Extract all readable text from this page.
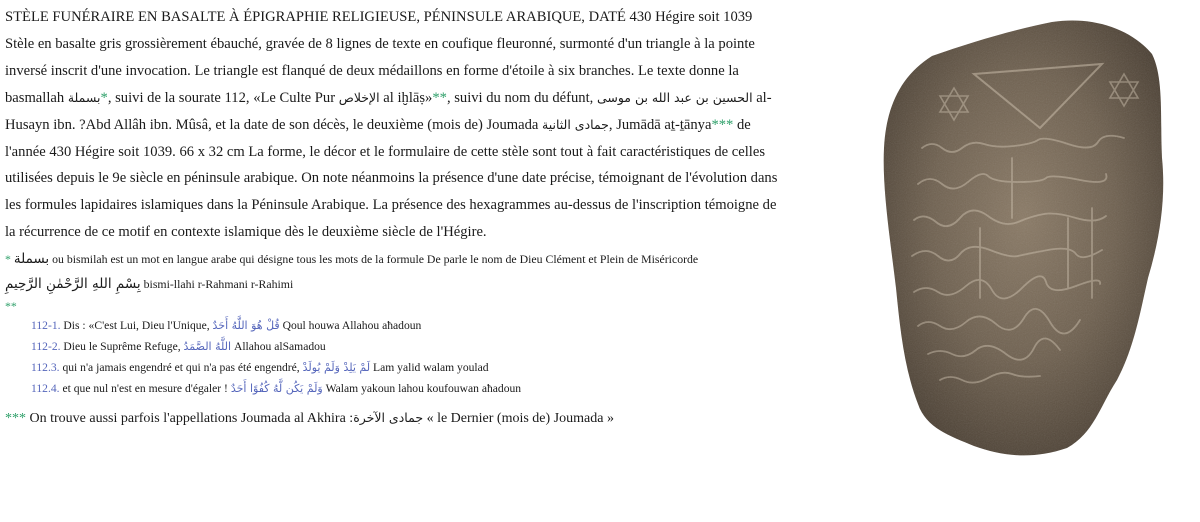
STÈLE FUNÉRAIRE EN BASALTE À ÉPIGRAPHIE RELIGIEUSE, PÉNINSULE ARABIQUE, DATÉ 430 Hégire soit 1039 Stèle en basalte gris grossièrement ébauché, gravée de 8 lignes de texte en coufique fleuronné, surmonté d'un triangle à la pointe inversé inscrit d'une invocation. Le triangle est flanqué de deux médaillons en forme d'étoile à six branches. Le texte donne la basmallah بسملة*, suivi de la sourate 112, «Le Culte Pur الإخلاص al iḫlāṣ»**, suivi du nom du défunt, الحسين بن عبد الله بن موسى al-Husayn ibn. ?Abd Allâh ibn. Mûsâ, et la date de son décès, le deuxième (mois de) Joumada جمادى الثانية, Jumādā aṯ-ṯānya*** de l'année 430 Hégire soit 1039. 66 x 32 cm La forme, le décor et le formulaire de cette stèle sont tout à fait caractéristiques de celles utilisées depuis le 9e siècle en péninsule arabique. On note néanmoins la présence d'une date précise, témoignant de l'évolution dans les formules lapidaires islamiques dans la Péninsule Arabique. La présence des hexagrammes au-dessus de l'inscription témoigne de la récurrence de ce motif en contexte islamique dès le deuxième siècle de l'Hégire.

* بسملة ou bismilah est un mot en langue arabe qui désigne tous les mots de la formule De parle le nom de Dieu Clément et Plein de Miséricorde

بِسْمِ اللهِ الرَّحْمٰنِ الرَّحِيمِ bismi-llahi r-Rahmani r-Rahimi

**
112-1. Dis : «C'est Lui, Dieu l'Unique, قُلْ هُوَ اللَّهُ أَحَدٌ Qoul houwa Allahou aħadoun
112-2. Dieu le Suprême Refuge, اللَّهُ الصَّمَدُ Allahou alSamadou
112.3. qui n'a jamais engendré et qui n'a pas été engendré, لَمْ يَلِدْ وَلَمْ يُولَدْ Lam yalid walam youlad
112.4. et que nul n'est en mesure d'égaler ! وَلَمْ يَكُن لَّهُ كُفُوًا أَحَدٌ Walam yakoun lahou koufouwan aħadoun

*** On trouve aussi parfois l'appellations Joumada al Akhira :جمادى الآخرة « le Dernier (mois de) Joumada »
